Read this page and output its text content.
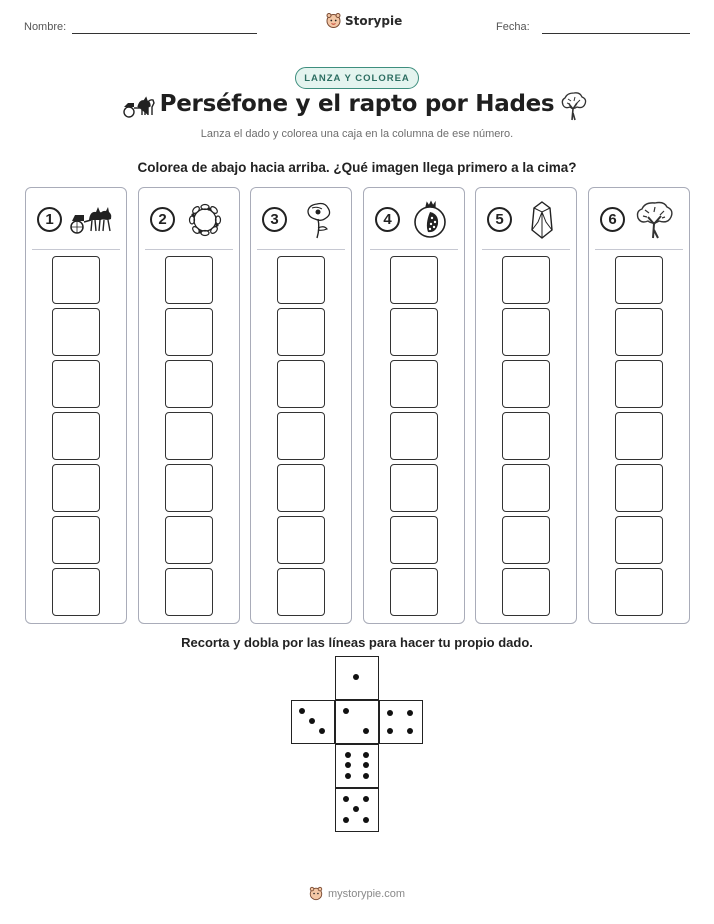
Nombre:	Storypie	Fecha:
LANZA Y COLOREA
Perséfone y el rapto por Hades
Lanza el dado y colorea una caja en la columna de ese número.
Colorea de abajo hacia arriba. ¿Qué imagen llega primero a la cima?
1	2	3	4	5	6
Recorta y dobla por las líneas para hacer tu propio dado.
mystorypie.com
